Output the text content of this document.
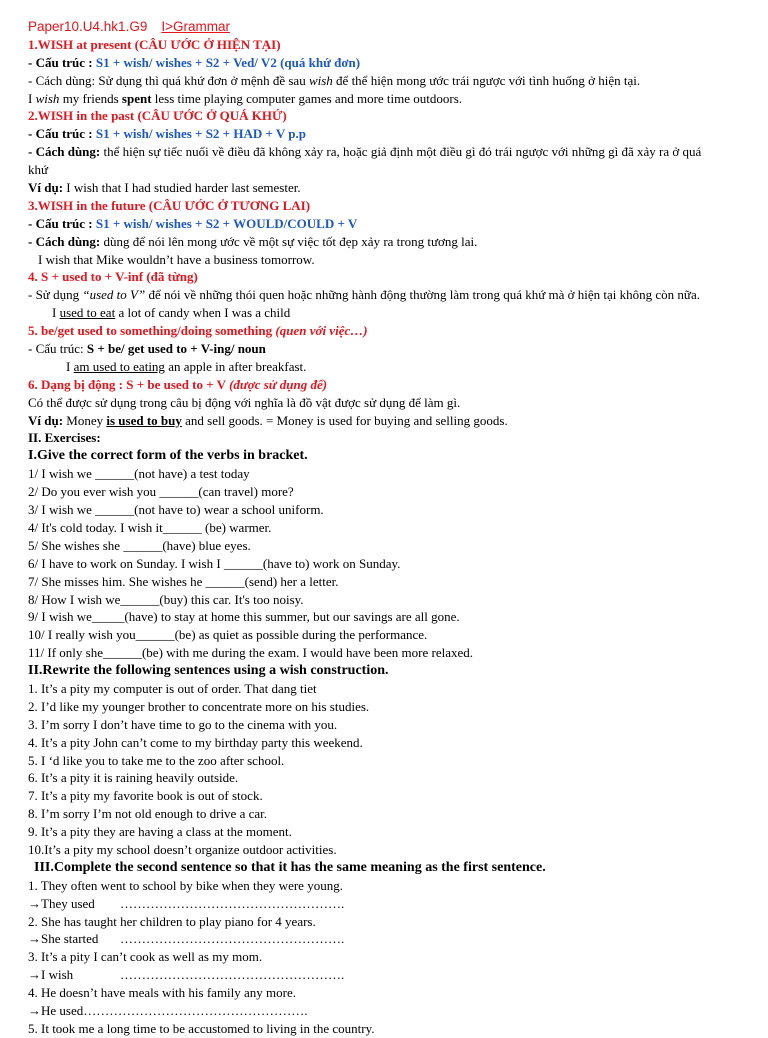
Paper10.U4.hk1.G9 I>Grammar
1.WISH at present (CÂU ƯỚC Ở HIỆN TẠI)
- Cấu trúc : S1 + wish/ wishes + S2 + Ved/ V2 (quá khứ đơn)
- Cách dùng: Sử dụng thì quá khứ đơn ở mệnh đề sau wish để thể hiện mong ước trái ngược với tình huống ở hiện tại.
I wish my friends spent less time playing computer games and more time outdoors.
2.WISH in the past (CÂU ƯỚC Ở QUÁ KHỨ)
- Cấu trúc : S1 + wish/ wishes + S2 + HAD + V p.p
- Cách dùng: thể hiện sự tiếc nuối về điều đã không xảy ra, hoặc giả định một điều gì đó trái ngược với những gì đã xảy ra ở quá
khứ
Ví dụ: I wish that I had studied harder last semester.
3.WISH in the future (CÂU ƯỚC Ở TƯƠNG LAI)
- Cấu trúc : S1 + wish/ wishes + S2 + WOULD/COULD + V
- Cách dùng: dùng để nói lên mong ước về một sự việc tốt đẹp xảy ra trong tương lai.
I wish that Mike wouldn’t have a business tomorrow.
4. S + used to + V-inf (đã từng)
- Sử dụng “used to V” để nói về những thói quen hoặc những hành động thường làm trong quá khứ mà ở hiện tại không còn nữa.
I used to eat a lot of candy when I was a child
5. be/get used to something/doing something (quen với việc…)
- Cấu trúc: S + be/ get used to + V-ing/ noun
I am used to eating an apple in after breakfast.
6. Dạng bị động : S + be used to + V (được sử dụng để)
Có thể được sử dụng trong câu bị động với nghĩa là đồ vật được sử dụng để làm gì.
Ví dụ: Money is used to buy and sell goods. = Money is used for buying and selling goods.
II. Exercises:
I.Give the correct form of the verbs in bracket.
1/ I wish we ______(not have) a test today
2/ Do you ever wish you ______(can travel) more?
3/ I wish we ______(not have to) wear a school uniform.
4/ It's cold today. I wish it______ (be) warmer.
5/ She wishes she ______(have) blue eyes.
6/ I have to work on Sunday. I wish I ______(have to) work on Sunday.
7/ She misses him. She wishes he ______(send) her a letter.
8/ How I wish we______(buy) this car. It's too noisy.
9/ I wish we_____(have) to stay at home this summer, but our savings are all gone.
10/ I really wish you______(be) as quiet as possible during the performance.
11/ If only she______(be) with me during the exam. I would have been more relaxed.
II.Rewrite the following sentences using a wish construction.
1. It’s a pity my computer is out of order. That dang tiet
2. I’d like my younger brother to concentrate more on his studies.
3. I’m sorry I don’t have time to go to the cinema with you.
4. It’s a pity John can’t come to my birthday party this weekend.
5. I ‘d like you to take me to the zoo after school.
6. It’s a pity it is raining heavily outside.
7. It’s a pity my favorite book is out of stock.
8. I’m sorry I’m not old enough to drive a car.
9. It’s a pity they are having a class at the moment.
10.It’s a pity my school doesn’t organize outdoor activities.
III.Complete the second sentence so that it has the same meaning as the first sentence.
1. They often went to school by bike when they were young.
→They used …………………………………………….
2. She has taught her children to play piano for 4 years.
→She started …………………………………………….
3. It’s a pity I can’t cook as well as my mom.
→I wish	…………………………………………….
4. He doesn’t have meals with his family any more.
→He used…………………………………………….
5. It took me a long time to be accustomed to living in the country.
